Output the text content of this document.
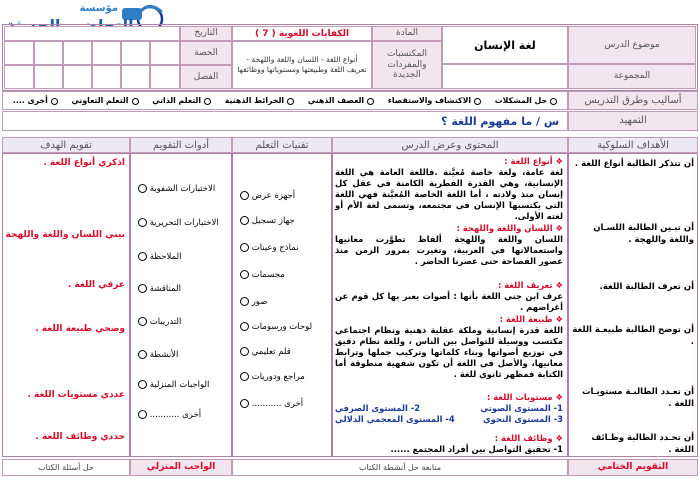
مؤسسة
موضوع الدرس
لغة الإنسان
المجموعة
المادة
المكتسبات والمفردات الجديدة
الكفايات اللغوية ( 7 )
أنواع اللغة - اللسان واللغة واللهجة - تعريف اللغة وطبيعتها ومستوياتها ووظائفها
التاريخ
الحصة
الفصل
أساليب وطرق التدريس
حل المشكلات
الاكتشاف والاستقصاء
العصف الذهني
الخرائط الذهنية
التعلم الذاتي
التعلم التعاوني
أخرى ....
التمهيد
س / ما مفهوم اللغة ؟
الأهداف السلوكية
المحتوى وعرض الدرس
تقنيات التعلم
أدوات التقويم
تقويم الهدف
أن تتذكر الطالبة أنواع اللغة .
أن تبـين الطالبة اللسـان واللغة واللهجة .
أن تعرف الطالبة اللغة.
أن توضح الطالبة طبيعـة اللغة .
أن تعـدد الطالبـة مستويـات اللغة .
أن تحـدد الطالبة وظـائف اللغة .
❖ أنواع اللغة :
لغة عامة، ولغة خاصة مُعيَّنة .فاللغة العامة هي اللغة الإنسانية، وهي القدرة الفطرية الكامنة في عقل كل إنسان منذ ولادته ، أما اللغة الخاصة المُعيَّنة فهي اللغة التي يكتسبها الإنسان في مجتمعه، وتسمى لغة الأم أو لغته الأولى.
❖ اللسان واللغة واللهجة :
اللسان واللغة واللهجة ألفاظ تطوَّرت معانيها واستعمالاتها في العربية، وتغيرت بمرور الزمن منذ عصور الفصاحة حتى عصرنا الحاضر .
❖ تعريف اللغة :
عرف ابن جني اللغة بأنها : أصوات يعبر بها كل قوم عن أغراضهم .
❖ طبيعة اللغة :
اللغة قدرة إنسانية وملكة عقلية ذهنية ونظام اجتماعي مكتسب ووسيلة للتواصل بين الناس ، وللغة نظام دقيق في توزيع أصواتها وبناء كلماتها وتركيب جملها وترابط معانيها، والأصل في اللغة أن تكون شفهية منطوقة أما الكتابة فمظهر ثانوي للغة .
❖ مستويات اللغة :
1- المستوى الصوتي
2- المستوى الصرفي
3- المستوى النحوي
4- المستوى المعجمي الدلالي
❖ وظائف اللغة :
1- تحقيق التواصل بين أفراد المجتمع ......
أجهزة عرض
جهاز تسجيل
نماذج وعينات
مجسمات
صور
لوحات ورسومات
قلم تعليمي
مراجع ودوريات
أخرى ...........
الاختبارات الشفوية
الاختبارات التحريرية
الملاحظة
المناقشة
التدريبات
الأنشطة
الواجبات المنزلية
أخرى ...........
اذكري أنواع اللغة .
بيني اللسان واللغة واللهجة
عرفي اللغة .
وضحي طبيعة اللغة .
عددي مستويات اللغة .
حددي وظائف اللغة .
التقويم الختامي
متابعة حل أنشطة الكتاب
الواجب المنزلي
حل أسئلة الكتاب
